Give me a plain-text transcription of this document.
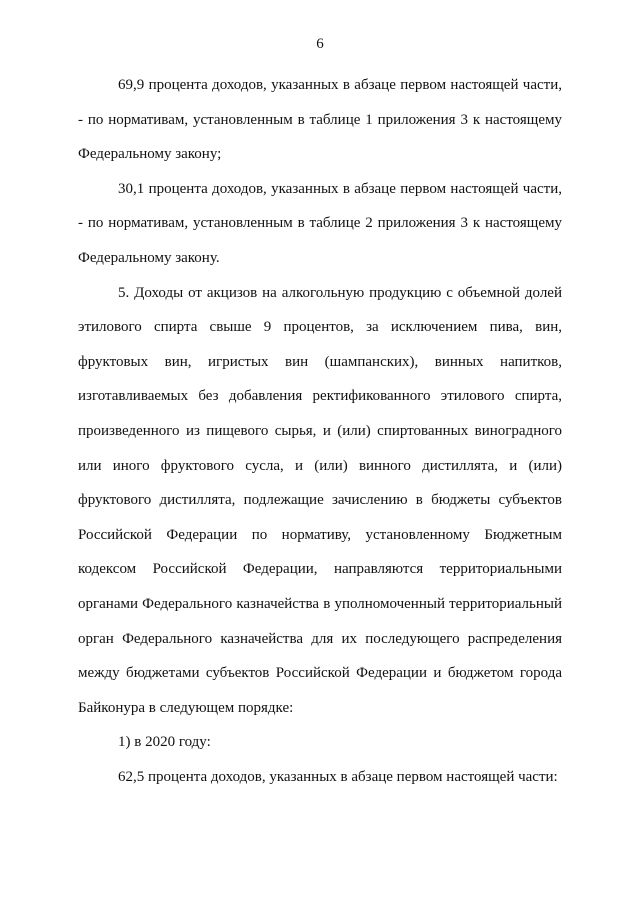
6

69,9 процента доходов, указанных в абзаце первом настоящей части, - по нормативам, установленным в таблице 1 приложения 3 к настоящему Федеральному закону;

30,1 процента доходов, указанных в абзаце первом настоящей части, - по нормативам, установленным в таблице 2 приложения 3 к настоящему Федеральному закону.

5. Доходы от акцизов на алкогольную продукцию с объемной долей этилового спирта свыше 9 процентов, за исключением пива, вин, фруктовых вин, игристых вин (шампанских), винных напитков, изготавливаемых без добавления ректификованного этилового спирта, произведенного из пищевого сырья, и (или) спиртованных виноградного или иного фруктового сусла, и (или) винного дистиллята, и (или) фруктового дистиллята, подлежащие зачислению в бюджеты субъектов Российской Федерации по нормативу, установленному Бюджетным кодексом Российской Федерации, направляются территориальными органами Федерального казначейства в уполномоченный территориальный орган Федерального казначейства для их последующего распределения между бюджетами субъектов Российской Федерации и бюджетом города Байконура в следующем порядке:

1) в 2020 году:

62,5 процента доходов, указанных в абзаце первом настоящей части:
